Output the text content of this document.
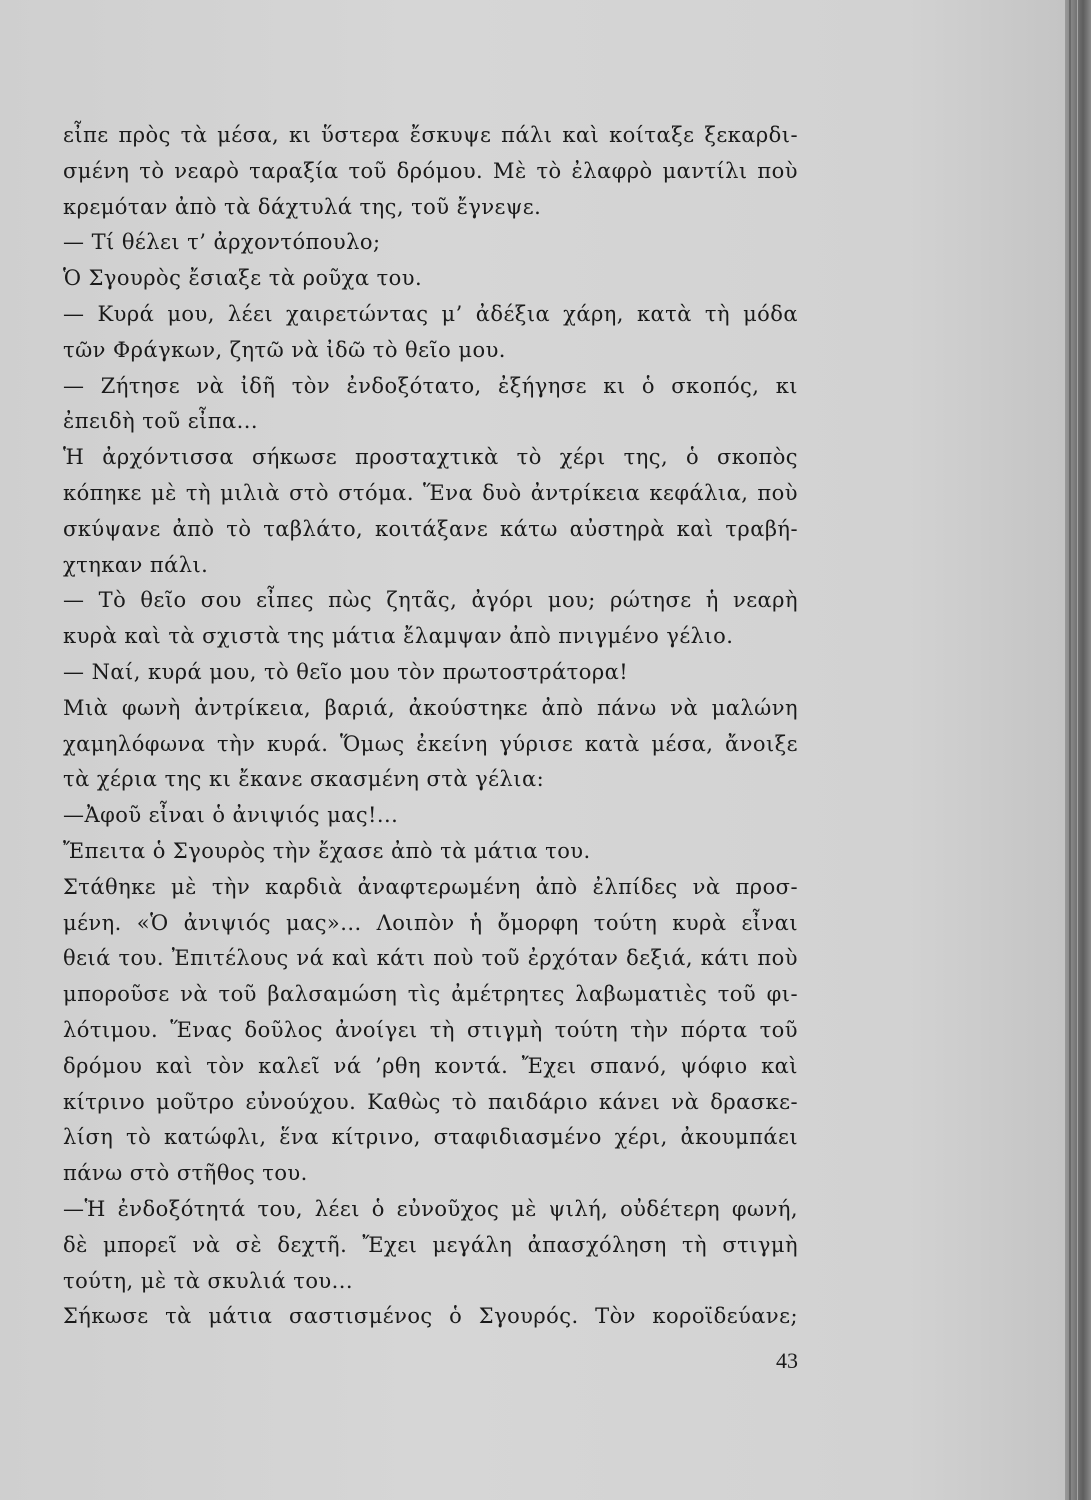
εἶπε πρὸς τὰ μέσα, κι ὕστερα ἔσκυψε πάλι καὶ κοίταξε ξεκαρδι-
σμένη τὸ νεαρὸ ταραξία τοῦ δρόμου. Μὲ τὸ ἐλαφρὸ μαντίλι ποὺ
κρεμόταν ἀπὸ τὰ δάχτυλά της, τοῦ ἔγνεψε.
— Τί θέλει τ’ ἀρχοντόπουλο;
Ὁ Σγουρὸς ἔσιαξε τὰ ροῦχα του.
— Κυρά μου, λέει χαιρετώντας μ’ ἀδέξια χάρη, κατὰ τὴ μόδα
τῶν Φράγκων, ζητῶ νὰ ἰδῶ τὸ θεῖο μου.
— Ζήτησε νὰ ἰδῆ τὸν ἐνδοξότατο, ἐξήγησε κι ὁ σκοπός, κι
ἐπειδὴ τοῦ εἶπα...
Ἡ ἀρχόντισσα σήκωσε προσταχτικὰ τὸ χέρι της, ὁ σκοπὸς
κόπηκε μὲ τὴ μιλιὰ στὸ στόμα. Ἕνα δυὸ ἀντρίκεια κεφάλια, ποὺ
σκύψανε ἀπὸ τὸ ταβλάτο, κοιτάξανε κάτω αὐστηρὰ καὶ τραβή-
χτηκαν πάλι.
— Τὸ θεῖο σου εἶπες πὼς ζητᾶς, ἀγόρι μου; ρώτησε ἡ νεαρὴ
κυρὰ καὶ τὰ σχιστὰ της μάτια ἔλαμψαν ἀπὸ πνιγμένο γέλιο.
— Ναί, κυρά μου, τὸ θεῖο μου τὸν πρωτοστράτορα!
Μιὰ φωνὴ ἀντρίκεια, βαριά, ἀκούστηκε ἀπὸ πάνω νὰ μαλώνη
χαμηλόφωνα τὴν κυρά. Ὅμως ἐκείνη γύρισε κατὰ μέσα, ἄνοιξε
τὰ χέρια της κι ἔκανε σκασμένη στὰ γέλια:
—Ἀφοῦ εἶναι ὁ ἀνιψιός μας!...
Ἔπειτα ὁ Σγουρὸς τὴν ἔχασε ἀπὸ τὰ μάτια του.
Στάθηκε μὲ τὴν καρδιὰ ἀναφτερωμένη ἀπὸ ἐλπίδες νὰ προσ-
μένη. «Ὁ ἀνιψιός μας»... Λοιπὸν ἡ ὄμορφη τούτη κυρὰ εἶναι
θειά του. Ἐπιτέλους νά καὶ κάτι ποὺ τοῦ ἐρχόταν δεξιά, κάτι ποὺ
μποροῦσε νὰ τοῦ βαλσαμώση τὶς ἀμέτρητες λαβωματιὲς τοῦ φι-
λότιμου. Ἕνας δοῦλος ἀνοίγει τὴ στιγμὴ τούτη τὴν πόρτα τοῦ
δρόμου καὶ τὸν καλεῖ νά ’ρθη κοντά. Ἔχει σπανό, ψόφιο καὶ
κίτρινο μοῦτρο εὐνούχου. Καθὼς τὸ παιδάριο κάνει νὰ δρασκε-
λίση τὸ κατώφλι, ἕνα κίτρινο, σταφιδιασμένο χέρι, ἀκουμπάει
πάνω στὸ στῆθος του.
—Ἡ ἐνδοξότητά του, λέει ὁ εὐνοῦχος μὲ ψιλή, οὐδέτερη φωνή,
δὲ μπορεῖ νὰ σὲ δεχτῆ. Ἔχει μεγάλη ἀπασχόληση τὴ στιγμὴ
τούτη, μὲ τὰ σκυλιά του...
Σήκωσε τὰ μάτια σαστισμένος ὁ Σγουρός. Τὸν κοροϊδεύανε;
43
